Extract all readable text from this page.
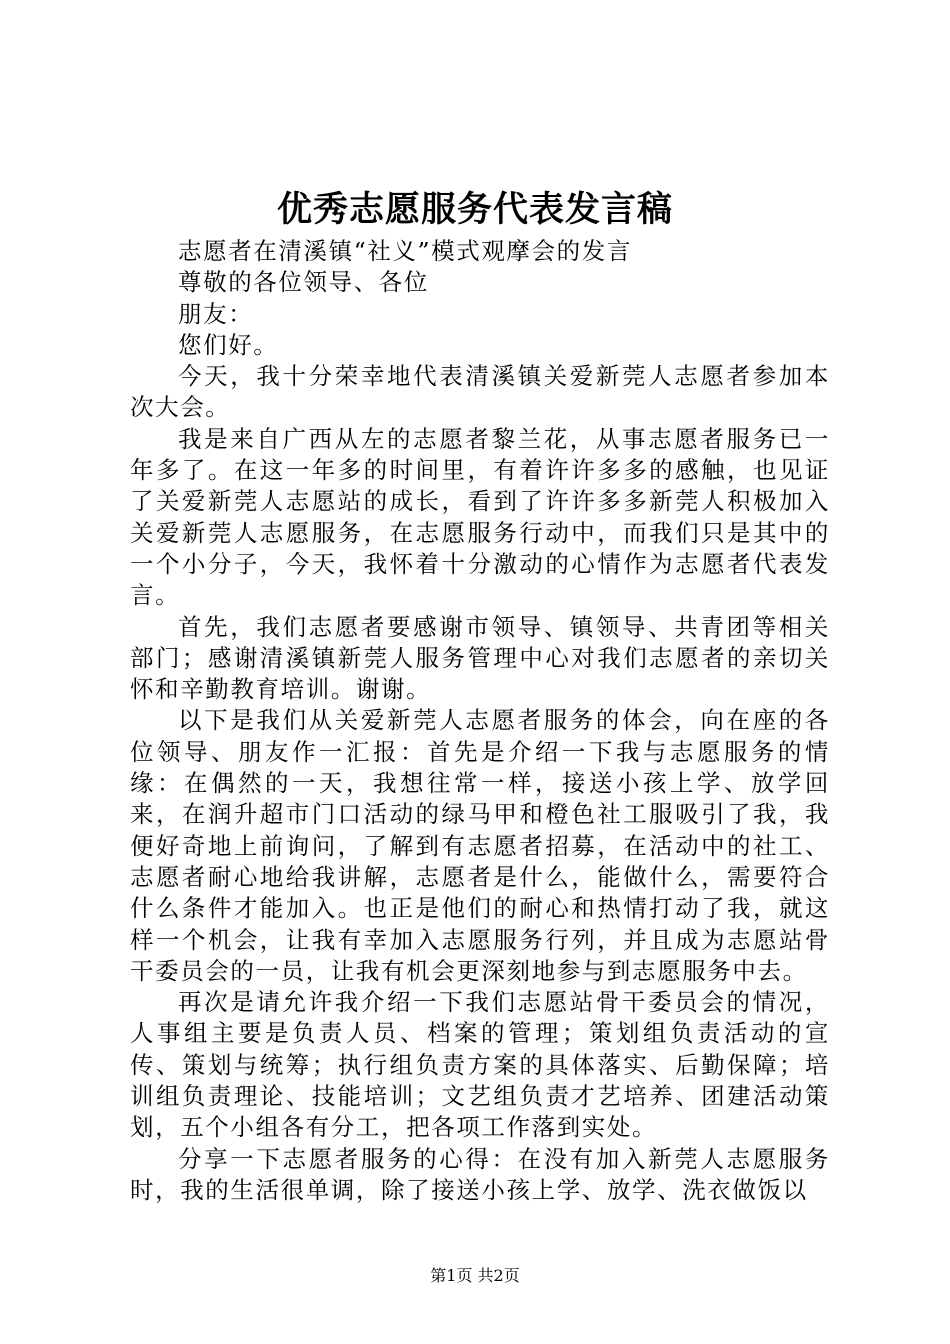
优秀志愿服务代表发言稿

志愿者在清溪镇“社义”模式观摩会的发言

尊敬的各位领导、各位

朋友：

您们好。

今天，我十分荣幸地代表清溪镇关爱新莞人志愿者参加本次大会。

我是来自广西从左的志愿者黎兰花，从事志愿者服务已一年多了。在这一年多的时间里，有着许许多多的感触，也见证了关爱新莞人志愿站的成长，看到了许许多多新莞人积极加入关爱新莞人志愿服务，在志愿服务行动中，而我们只是其中的一个小分子，今天，我怀着十分激动的心情作为志愿者代表发言。

首先，我们志愿者要感谢市领导、镇领导、共青团等相关部门；感谢清溪镇新莞人服务管理中心对我们志愿者的亲切关怀和辛勤教育培训。谢谢。

以下是我们从关爱新莞人志愿者服务的体会，向在座的各位领导、朋友作一汇报：首先是介绍一下我与志愿服务的情缘：在偶然的一天，我想往常一样，接送小孩上学、放学回来，在润升超市门口活动的绿马甲和橙色社工服吸引了我，我便好奇地上前询问，了解到有志愿者招募，在活动中的社工、志愿者耐心地给我讲解，志愿者是什么，能做什么，需要符合什么条件才能加入。也正是他们的耐心和热情打动了我，就这样一个机会，让我有幸加入志愿服务行列，并且成为志愿站骨干委员会的一员，让我有机会更深刻地参与到志愿服务中去。

再次是请允许我介绍一下我们志愿站骨干委员会的情况，人事组主要是负责人员、档案的管理；策划组负责活动的宣传、策划与统筹；执行组负责方案的具体落实、后勤保障；培训组负责理论、技能培训；文艺组负责才艺培养、团建活动策划，五个小组各有分工，把各项工作落到实处。

分享一下志愿者服务的心得：在没有加入新莞人志愿服务时，我的生活很单调，除了接送小孩上学、放学、洗衣做饭以

第1页 共2页
